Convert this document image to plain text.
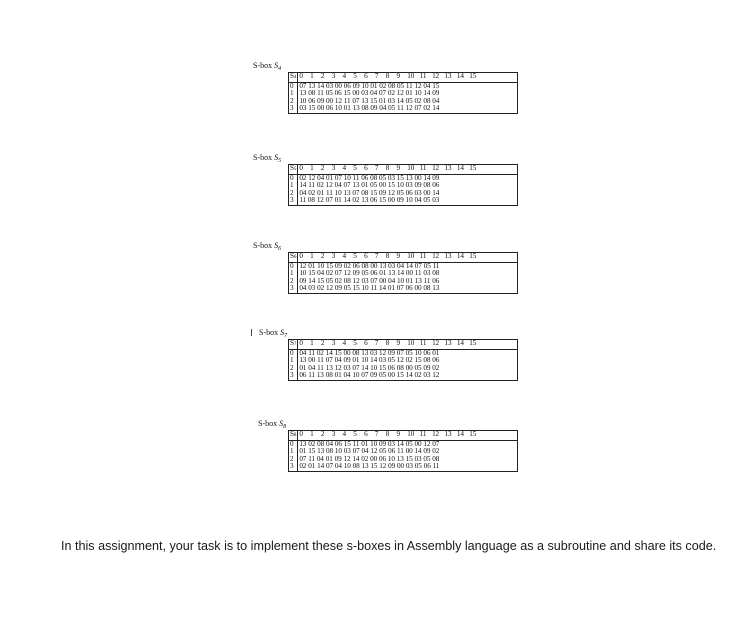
S-box $S_4$
S4	0 1 2 3 4 5 6 7 8 9 10 11 12 13 14 15
0	07 13 14 03 00 06 09 10 01 02 08 05 11 12 04 15
1	13 08 11 05 06 15 00 03 04 07 02 12 01 10 14 09
2	10 06 09 00 12 11 07 13 15 01 03 14 05 02 08 04
3	03 15 00 06 10 01 13 08 09 04 05 11 12 07 02 14
S-box $S_5$
S5	0 1 2 3 4 5 6 7 8 9 10 11 12 13 14 15
0	02 12 04 01 07 10 11 06 08 05 03 15 13 00 14 09
1	14 11 02 12 04 07 13 01 05 00 15 10 03 09 08 06
2	04 02 01 11 10 13 07 08 15 09 12 05 06 03 00 14
3	11 08 12 07 01 14 02 13 06 15 00 09 10 04 05 03
S-box $S_6$
S6	0 1 2 3 4 5 6 7 8 9 10 11 12 13 14 15
0	12 01 10 15 09 02 06 08 00 13 03 04 14 07 05 11
1	10 15 04 02 07 12 09 05 06 01 13 14 00 11 03 08
2	09 14 15 05 02 08 12 03 07 00 04 10 01 13 11 06
3	04 03 02 12 09 05 15 10 11 14 01 07 06 00 08 13
S-box $S_7$
S7	0 1 2 3 4 5 6 7 8 9 10 11 12 13 14 15
0	04 11 02 14 15 00 08 13 03 12 09 07 05 10 06 01
1	13 00 11 07 04 09 01 10 14 03 05 12 02 15 08 06
2	01 04 11 13 12 03 07 14 10 15 06 08 00 05 09 02
3	06 11 13 08 01 04 10 07 09 05 00 15 14 02 03 12
S-box $S_8$
S8	0 1 2 3 4 5 6 7 8 9 10 11 12 13 14 15
0	13 02 08 04 06 15 11 01 10 09 03 14 05 00 12 07
1	01 15 13 08 10 03 07 04 12 05 06 11 00 14 09 02
2	07 11 04 01 09 12 14 02 00 06 10 13 15 03 05 08
3	02 01 14 07 04 10 08 13 15 12 09 00 03 05 06 11
In this assignment, your task is to implement these s-boxes in Assembly language as a subroutine and share its code.
